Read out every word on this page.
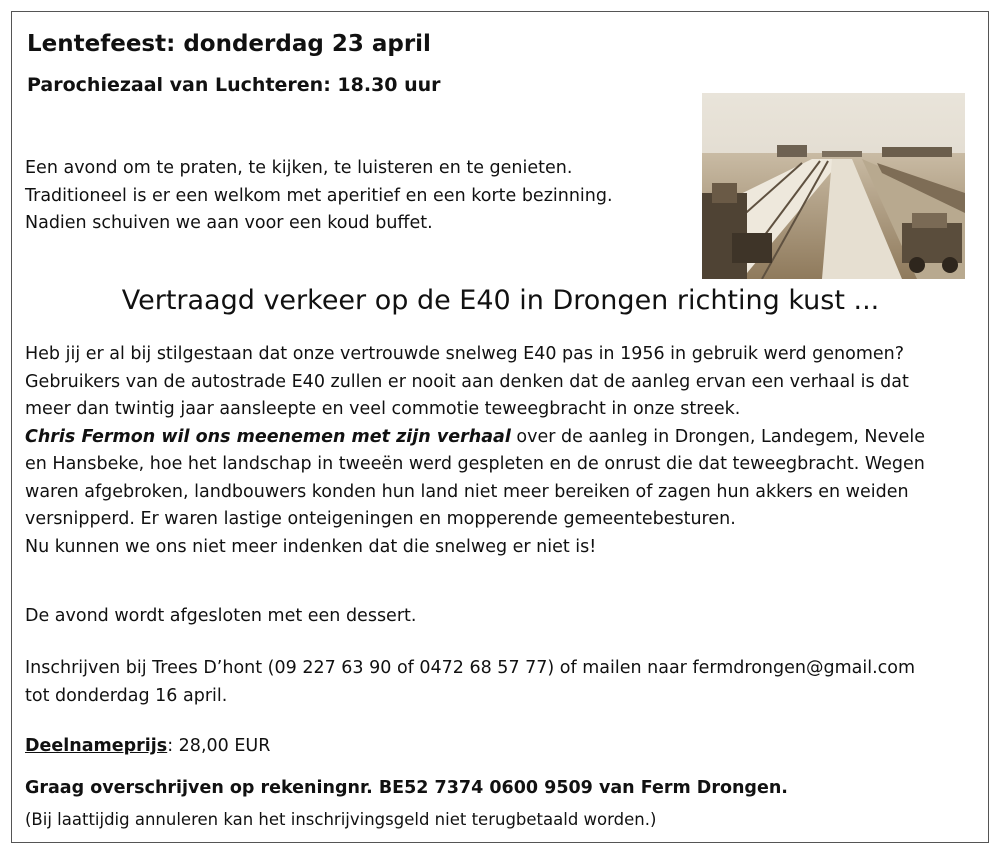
Lentefeest: donderdag 23 april
Parochiezaal van Luchteren: 18.30 uur
Een avond om te praten, te kijken, te luisteren en te genieten.
Traditioneel is er een welkom met aperitief en een korte bezinning.
Nadien schuiven we aan voor een koud buffet.
Vertraagd verkeer op de E40 in Drongen richting kust ...
Heb jij er al bij stilgestaan dat onze vertrouwde snelweg E40 pas in 1956 in gebruik werd genomen?
Gebruikers van de autostrade E40 zullen er nooit aan denken dat de aanleg ervan een verhaal is dat
meer dan twintig jaar aansleepte en veel commotie teweegbracht in onze streek.
Chris Fermon wil ons meenemen met zijn verhaal over de aanleg in Drongen, Landegem, Nevele
en Hansbeke, hoe het landschap in tweeën werd gespleten en de onrust die dat teweegbracht. Wegen
waren afgebroken, landbouwers konden hun land niet meer bereiken of zagen hun akkers en weiden
versnipperd. Er waren lastige onteigeningen en mopperende gemeentebesturen.
Nu kunnen we ons niet meer indenken dat die snelweg er niet is!
De avond wordt afgesloten met een dessert.
Inschrijven bij Trees D’hont (09 227 63 90 of 0472 68 57 77) of mailen naar fermdrongen@gmail.com
tot donderdag 16 april.
Deelnameprijs: 28,00 EUR
Graag overschrijven op rekeningnr. BE52 7374 0600 9509 van Ferm Drongen.
(Bij laattijdig annuleren kan het inschrijvingsgeld niet terugbetaald worden.)
